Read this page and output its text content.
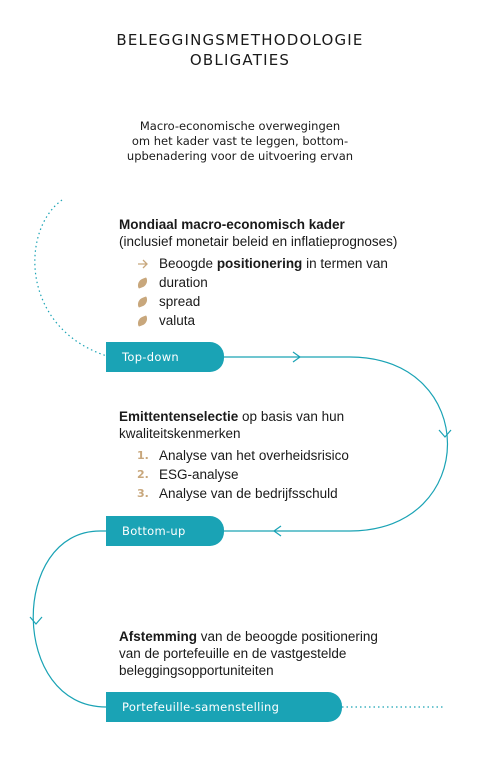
BELEGGINGSMETHODOLOGIE
OBLIGATIES
Macro-economische overwegingen
om het kader vast te leggen, bottom-
upbenadering voor de uitvoering ervan
Mondiaal macro-economisch kader
(inclusief monetair beleid en inflatieprognoses)
Beoogde positionering in termen van
duration
spread
valuta
Top-down
Emittentenselectie op basis van hun
kwaliteitskenmerken
1. Analyse van het overheidsrisico
2. ESG-analyse
3. Analyse van de bedrijfsschuld
Bottom-up
Afstemming van de beoogde positionering
van de portefeuille en de vastgestelde
beleggingsopportuniteiten
Portefeuille-samenstelling
